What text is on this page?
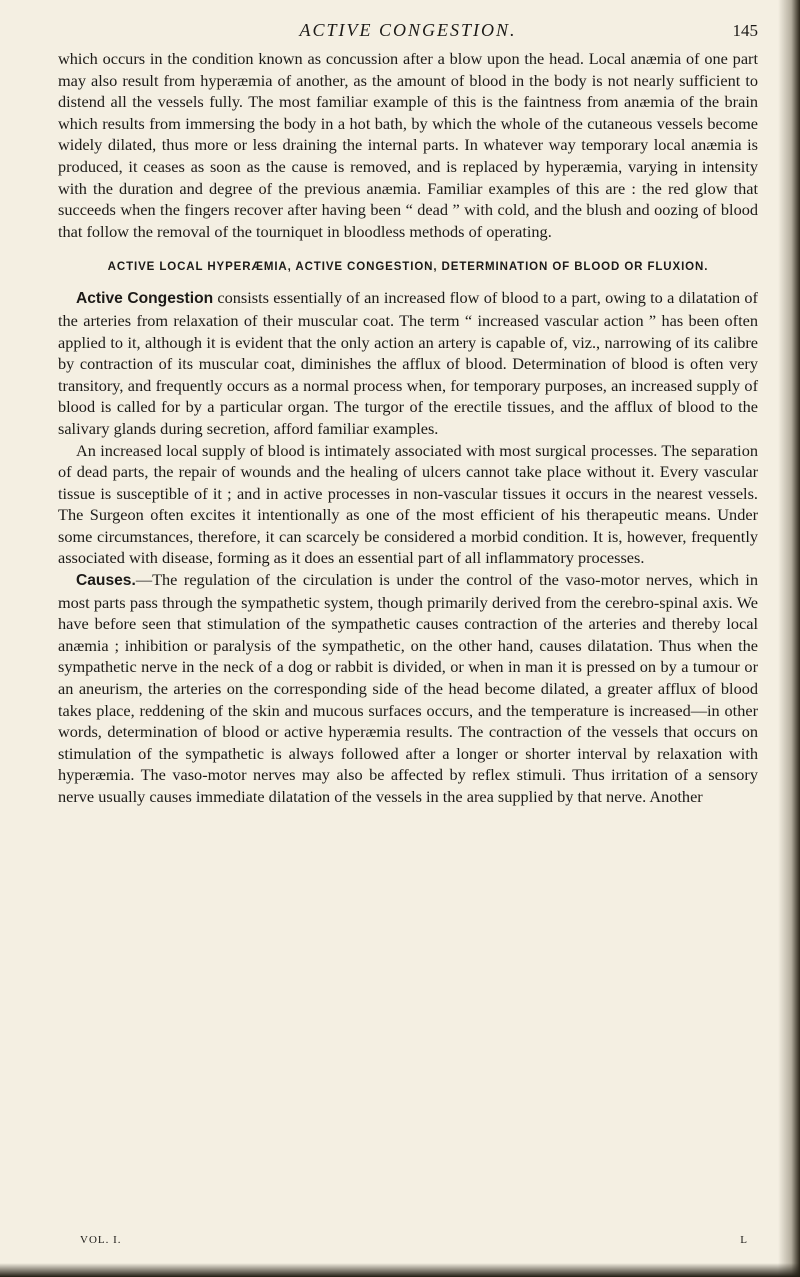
ACTIVE CONGESTION.	145

which occurs in the condition known as concussion after a blow upon the head. Local anæmia of one part may also result from hyperæmia of another, as the amount of blood in the body is not nearly sufficient to distend all the vessels fully. The most familiar example of this is the faintness from anæmia of the brain which results from immersing the body in a hot bath, by which the whole of the cutaneous vessels become widely dilated, thus more or less draining the internal parts. In whatever way temporary local anæmia is produced, it ceases as soon as the cause is removed, and is replaced by hyperæmia, varying in intensity with the duration and degree of the previous anæmia. Familiar examples of this are : the red glow that succeeds when the fingers recover after having been “ dead ” with cold, and the blush and oozing of blood that follow the removal of the tourniquet in bloodless methods of operating.

ACTIVE LOCAL HYPERÆMIA, ACTIVE CONGESTION, DETERMINATION OF BLOOD OR FLUXION.

Active Congestion consists essentially of an increased flow of blood to a part, owing to a dilatation of the arteries from relaxation of their muscular coat. The term “ increased vascular action ” has been often applied to it, although it is evident that the only action an artery is capable of, viz., narrowing of its calibre by contraction of its muscular coat, diminishes the afflux of blood. Determination of blood is often very transitory, and frequently occurs as a normal process when, for temporary purposes, an increased supply of blood is called for by a particular organ. The turgor of the erectile tissues, and the afflux of blood to the salivary glands during secretion, afford familiar examples.

An increased local supply of blood is intimately associated with most surgical processes. The separation of dead parts, the repair of wounds and the healing of ulcers cannot take place without it. Every vascular tissue is susceptible of it ; and in active processes in non-vascular tissues it occurs in the nearest vessels. The Surgeon often excites it intentionally as one of the most efficient of his therapeutic means. Under some circumstances, therefore, it can scarcely be considered a morbid condition. It is, however, frequently associated with disease, forming as it does an essential part of all inflammatory processes.

Causes.—The regulation of the circulation is under the control of the vaso-motor nerves, which in most parts pass through the sympathetic system, though primarily derived from the cerebro-spinal axis. We have before seen that stimulation of the sympathetic causes contraction of the arteries and thereby local anæmia ; inhibition or paralysis of the sympathetic, on the other hand, causes dilatation. Thus when the sympathetic nerve in the neck of a dog or rabbit is divided, or when in man it is pressed on by a tumour or an aneurism, the arteries on the corresponding side of the head become dilated, a greater afflux of blood takes place, reddening of the skin and mucous surfaces occurs, and the temperature is increased—in other words, determination of blood or active hyperæmia results. The contraction of the vessels that occurs on stimulation of the sympathetic is always followed after a longer or shorter interval by relaxation with hyperæmia. The vaso-motor nerves may also be affected by reflex stimuli. Thus irritation of a sensory nerve usually causes immediate dilatation of the vessels in the area supplied by that nerve. Another

VOL. I.	L
